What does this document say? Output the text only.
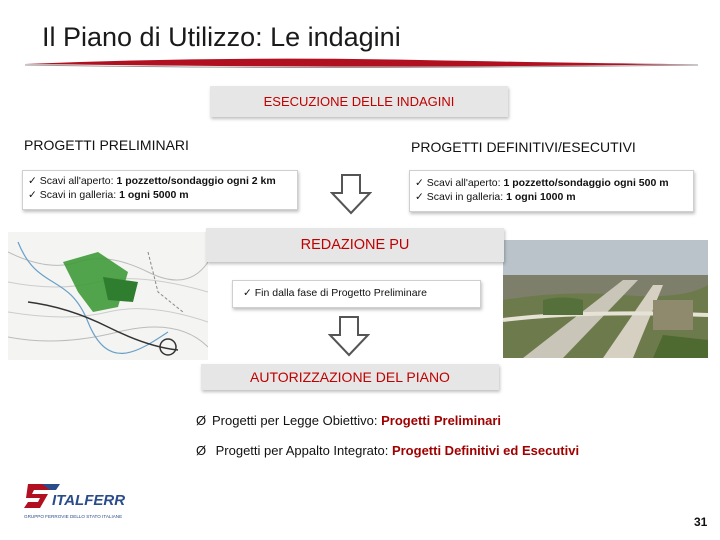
Il Piano di Utilizzo: Le indagini
ESECUZIONE DELLE INDAGINI
PROGETTI PRELIMINARI	PROGETTI DEFINITIVI/ESECUTIVI
✓ Scavi all'aperto: 1 pozzetto/sondaggio ogni 2 km
✓ Scavi in galleria: 1 ogni 5000 m
✓ Scavi all'aperto: 1 pozzetto/sondaggio ogni 500 m
✓ Scavi in galleria: 1 ogni 1000 m
REDAZIONE PU
✓ Fin dalla fase di Progetto Preliminare
AUTORIZZAZIONE DEL PIANO
Ø Progetti per Legge Obiettivo: Progetti Preliminari
Ø Progetti per Appalto Integrato: Progetti Definitivi ed Esecutivi
ITALFERR
GRUPPO FERROVIE DELLO STATO ITALIANE	31
